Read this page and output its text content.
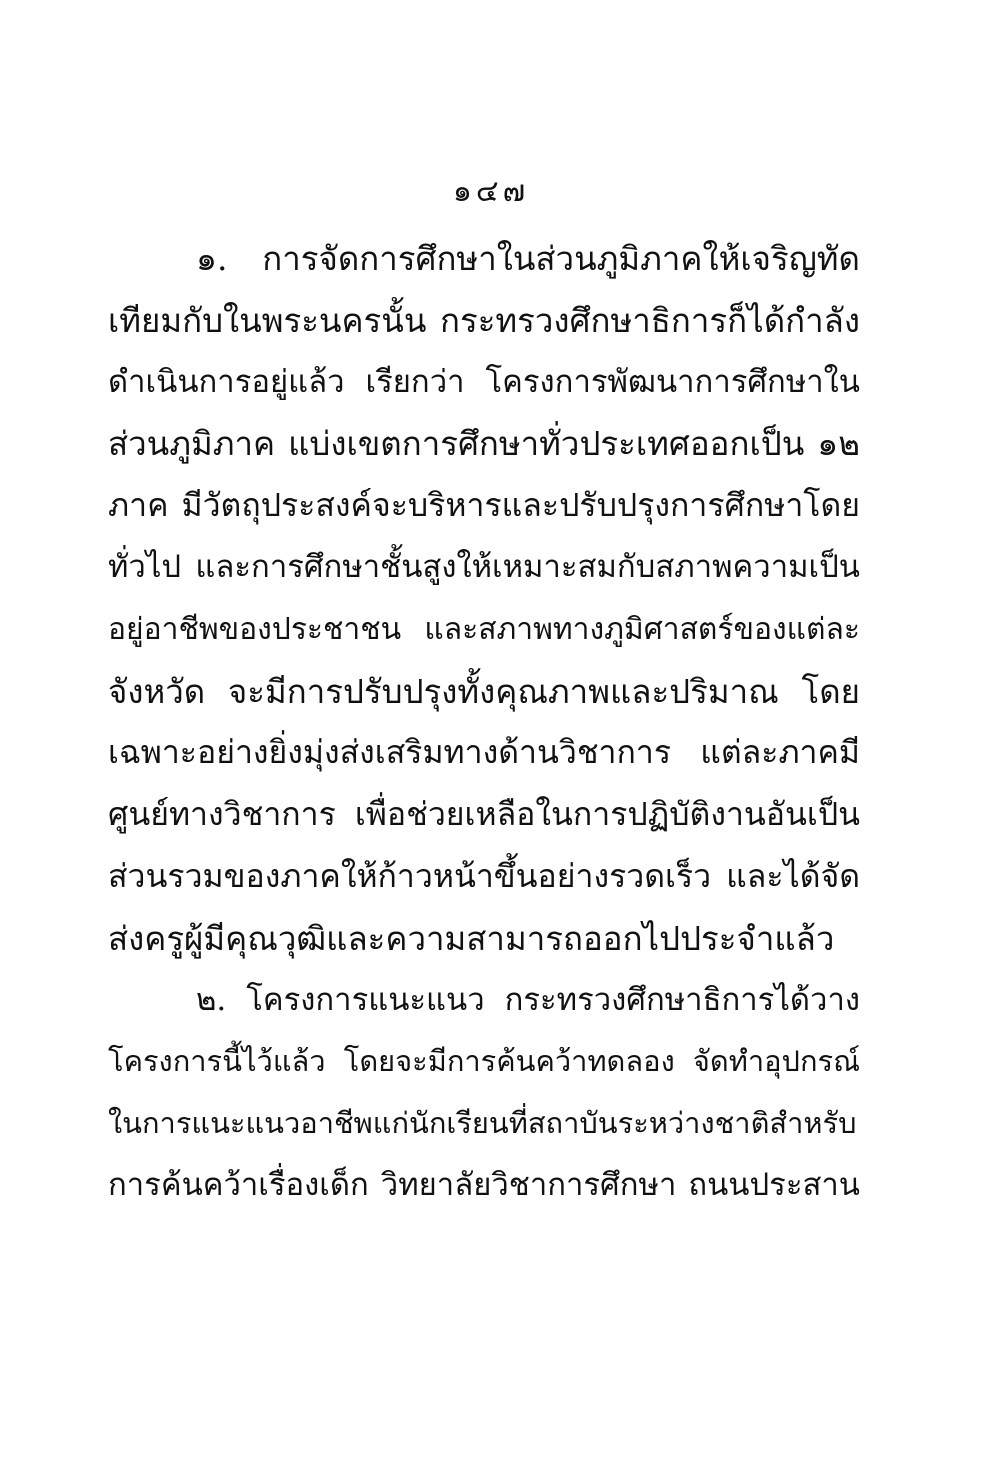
๑๔๗
๑. การจัดการศึกษาในส่วนภูมิภาคให้เจริญทัด
เทียมกับในพระนครนั้น กระทรวงศึกษาธิการก็ได้กำลัง
ดำเนินการอยู่แล้ว เรียกว่า โครงการพัฒนาการศึกษาใน
ส่วนภูมิภาค แบ่งเขตการศึกษาทั่วประเทศออกเป็น ๑๒
ภาค มีวัตถุประสงค์จะบริหารและปรับปรุงการศึกษาโดย
ทั่วไป และการศึกษาชั้นสูงให้เหมาะสมกับสภาพความเป็น
อยู่อาชีพของประชาชน และสภาพทางภูมิศาสตร์ของแต่ละ
จังหวัด จะมีการปรับปรุงทั้งคุณภาพและปริมาณ โดย
เฉพาะอย่างยิ่งมุ่งส่งเสริมทางด้านวิชาการ แต่ละภาคมี
ศูนย์ทางวิชาการ เพื่อช่วยเหลือในการปฏิบัติงานอันเป็น
ส่วนรวมของภาคให้ก้าวหน้าขึ้นอย่างรวดเร็ว และได้จัด
ส่งครูผู้มีคุณวุฒิและความสามารถออกไปประจำแล้ว
๒. โครงการแนะแนว กระทรวงศึกษาธิการได้วาง
โครงการนี้ไว้แล้ว โดยจะมีการค้นคว้าทดลอง จัดทำอุปกรณ์
ในการแนะแนวอาชีพแก่นักเรียนที่สถาบันระหว่างชาติสำหรับ
การค้นคว้าเรื่องเด็ก วิทยาลัยวิชาการศึกษา ถนนประสาน
